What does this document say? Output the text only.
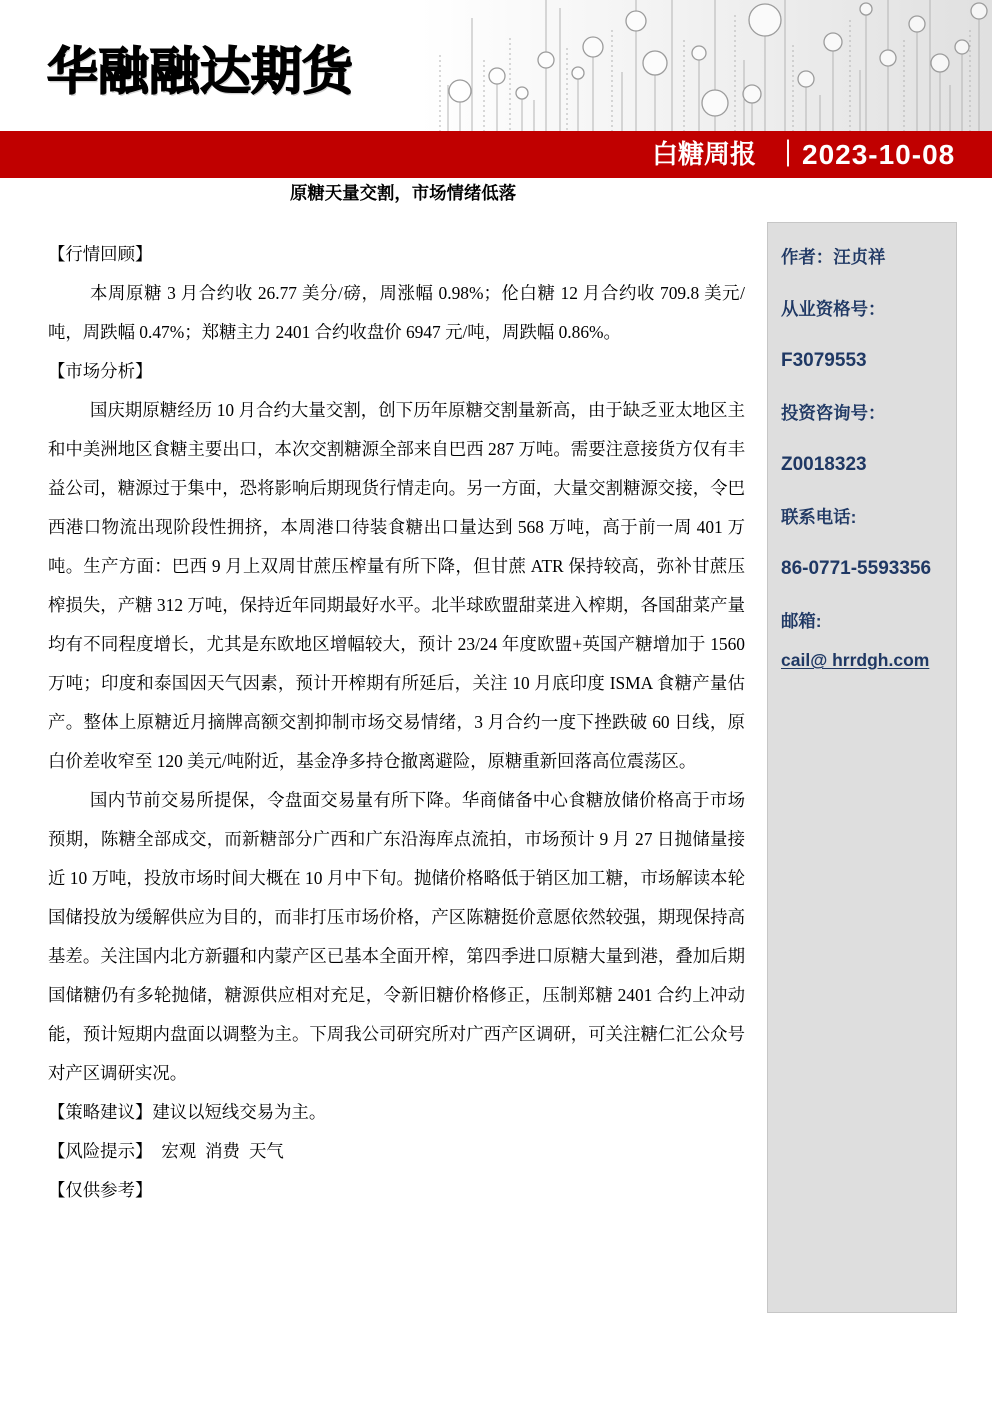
华融融达期货
白糖周报 ｜ 2023-10-08
原糖天量交割，市场情绪低落
【行情回顾】

本周原糖 3 月合约收 26.77 美分/磅，周涨幅 0.98%；伦白糖 12 月合约收 709.8 美元/吨，周跌幅 0.47%；郑糖主力 2401 合约收盘价 6947 元/吨，周跌幅 0.86%。

【市场分析】

国庆期原糖经历 10 月合约大量交割，创下历年原糖交割量新高，由于缺乏亚太地区主和中美洲地区食糖主要出口，本次交割糖源全部来自巴西 287 万吨。需要注意接货方仅有丰益公司，糖源过于集中，恐将影响后期现货行情走向。另一方面，大量交割糖源交接，令巴西港口物流出现阶段性拥挤，本周港口待装食糖出口量达到 568 万吨，高于前一周 401 万吨。生产方面：巴西 9 月上双周甘蔗压榨量有所下降，但甘蔗 ATR 保持较高，弥补甘蔗压榨损失，产糖 312 万吨，保持近年同期最好水平。北半球欧盟甜菜进入榨期，各国甜菜产量均有不同程度增长，尤其是东欧地区增幅较大，预计 23/24 年度欧盟+英国产糖增加于 1560 万吨；印度和泰国因天气因素，预计开榨期有所延后，关注 10 月底印度 ISMA 食糖产量估产。整体上原糖近月摘牌高额交割抑制市场交易情绪，3 月合约一度下挫跌破 60 日线，原白价差收窄至 120 美元/吨附近，基金净多持仓撤离避险，原糖重新回落高位震荡区。

国内节前交易所提保，令盘面交易量有所下降。华商储备中心食糖放储价格高于市场预期，陈糖全部成交，而新糖部分广西和广东沿海库点流拍，市场预计 9 月 27 日抛储量接近 10 万吨，投放市场时间大概在 10 月中下旬。抛储价格略低于销区加工糖，市场解读本轮国储投放为缓解供应为目的，而非打压市场价格，产区陈糖挺价意愿依然较强，期现保持高基差。关注国内北方新疆和内蒙产区已基本全面开榨，第四季进口原糖大量到港，叠加后期国储糖仍有多轮抛储，糖源供应相对充足，令新旧糖价格修正，压制郑糖 2401 合约上冲动能，预计短期内盘面以调整为主。下周我公司研究所对广西产区调研，可关注糖仁汇公众号对产区调研实况。

【策略建议】建议以短线交易为主。
【风险提示】 宏观 消费 天气
【仅供参考】
作者：汪贞祥
从业资格号：
F3079553
投资咨询号：
Z0018323
联系电话:
86-0771-5593356
邮箱:
cail@ hrrdgh.com
